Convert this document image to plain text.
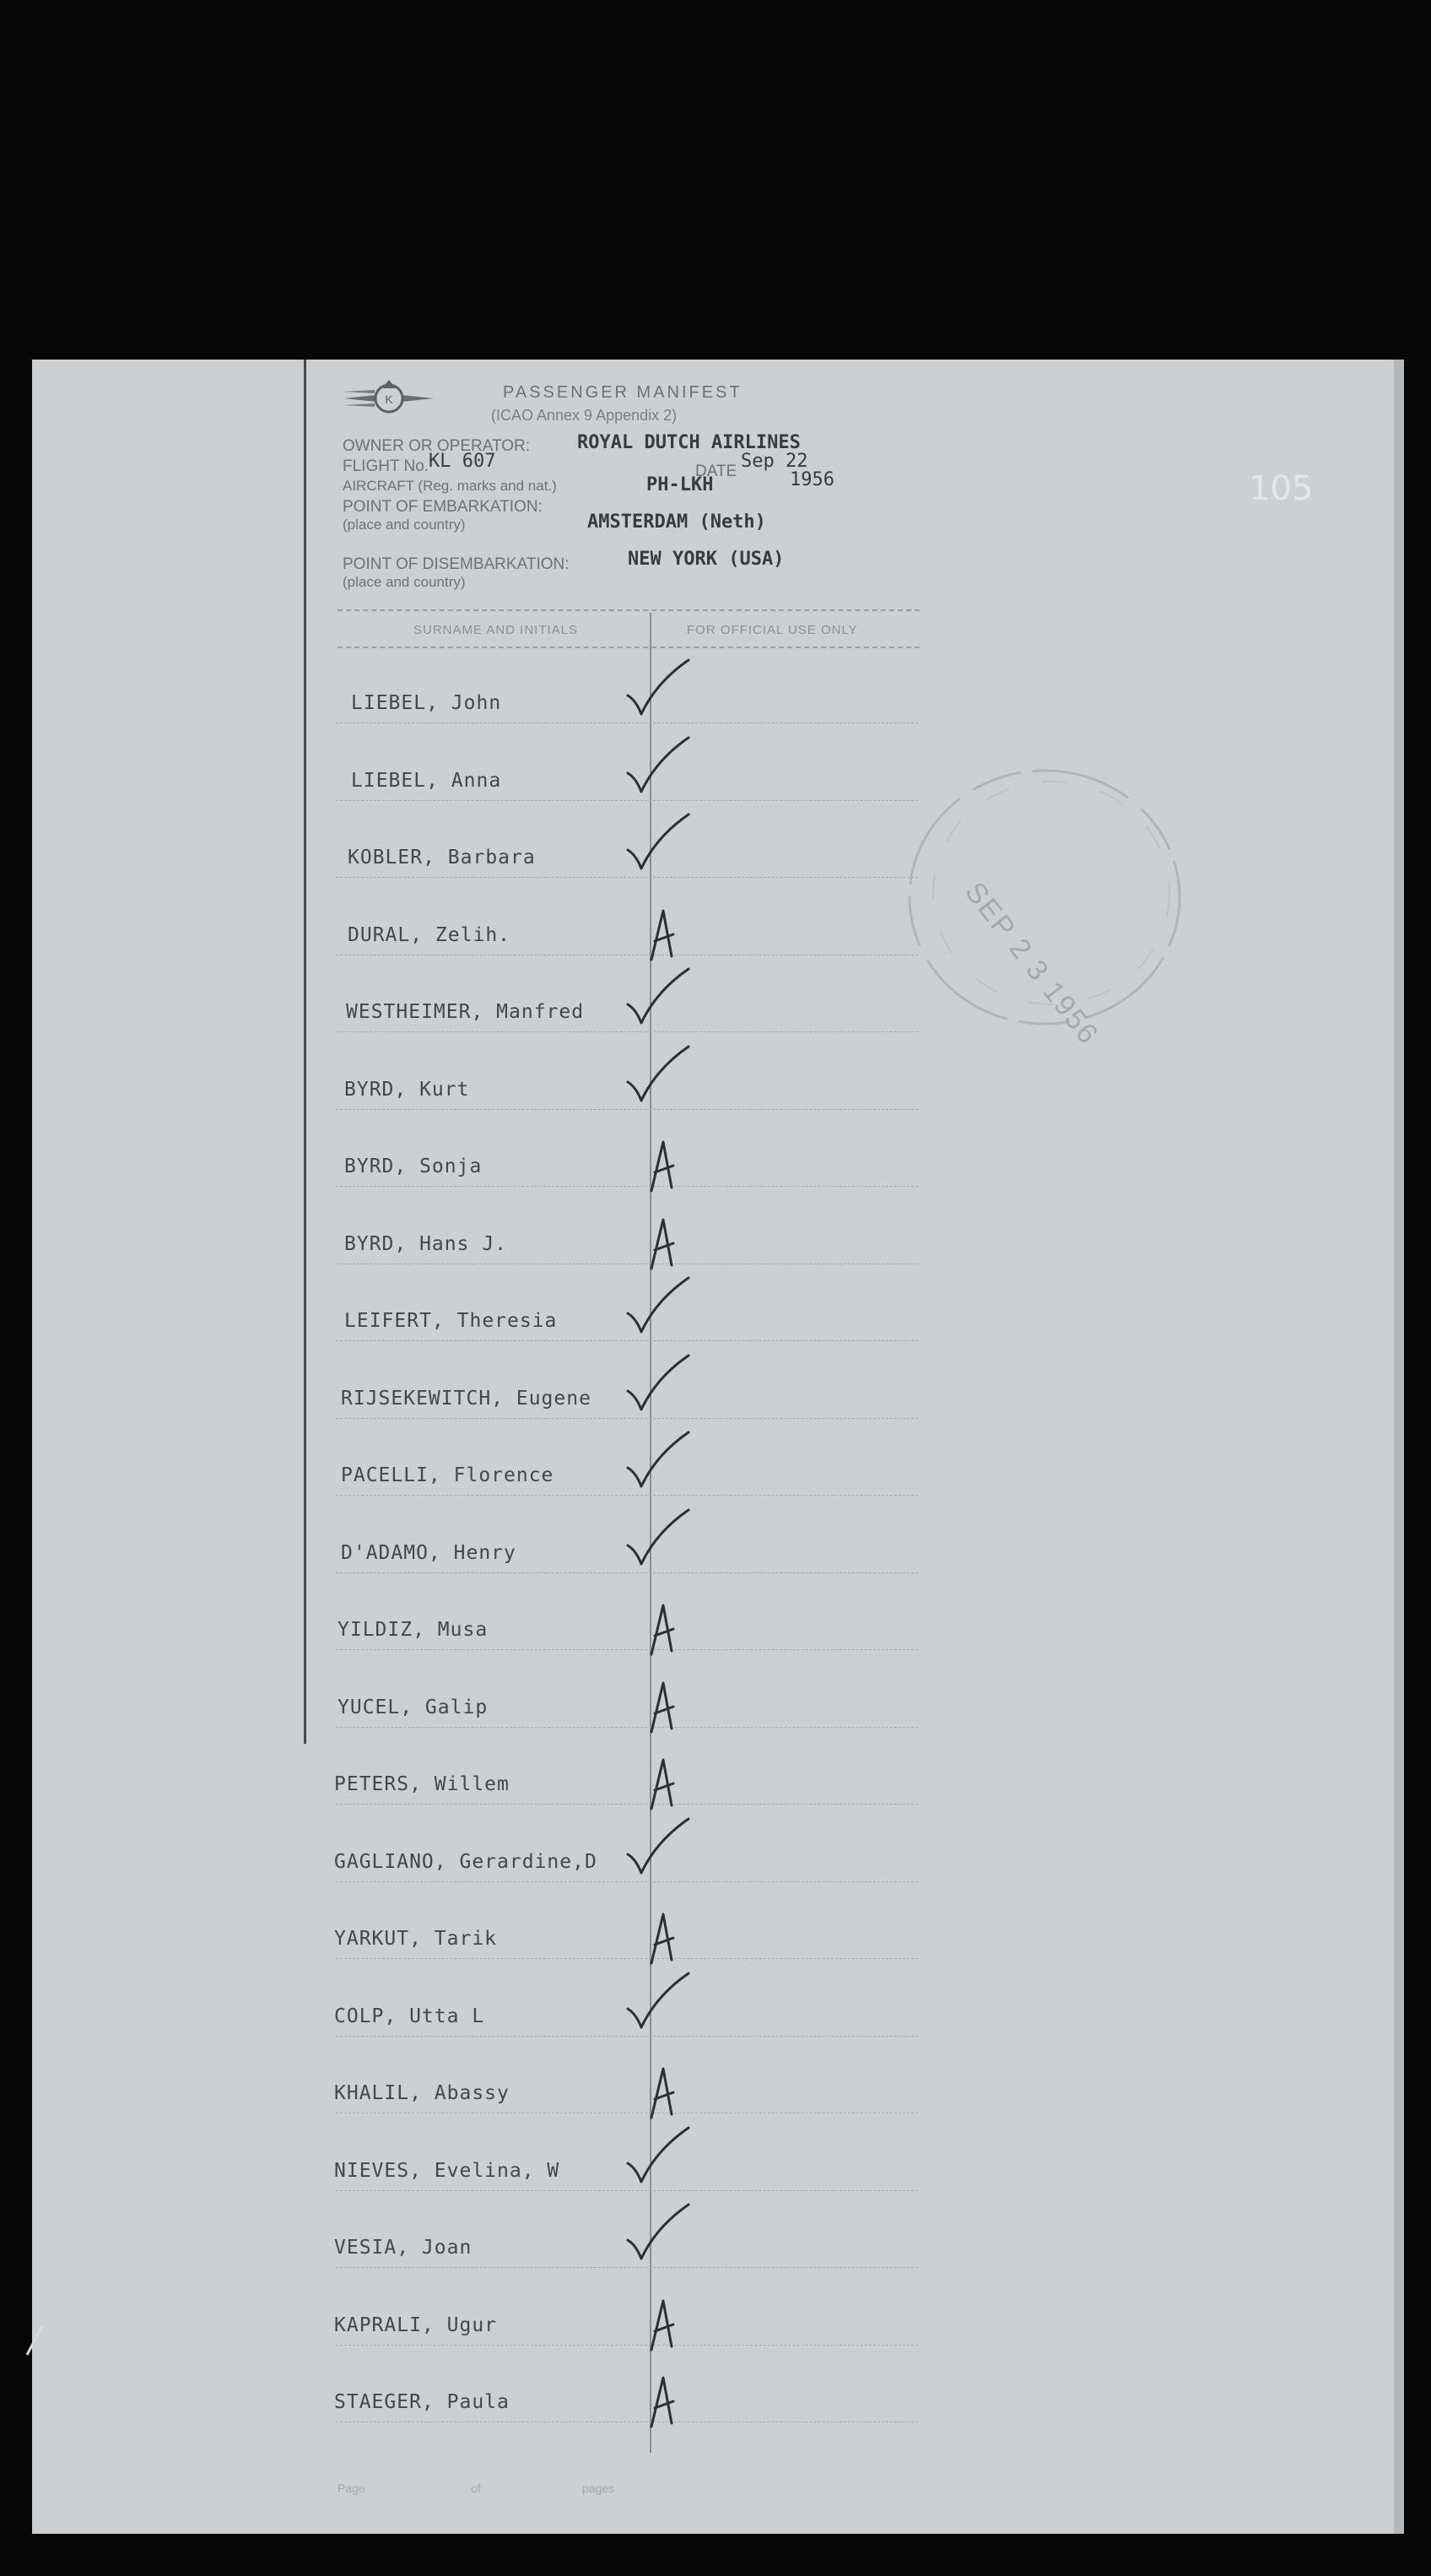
K	PASSENGER MANIFEST
(ICAO Annex 9 Appendix 2)
OWNER OR OPERATOR:	ROYAL DUTCH AIRLINES
FLIGHT No. KL 607	DATE Sep 22
1956
AIRCRAFT (Reg. marks and nat.)	PH-LKH
POINT OF EMBARKATION:
AMSTERDAM (Neth)
(place and country)
POINT OF DISEMBARKATION:	NEW YORK (USA)
(place and country)
SURNAME AND INITIALS	FOR OFFICIAL USE ONLY
LIEBEL, John
LIEBEL, Anna
KOBLER, Barbara
DURAL, Zelih.
WESTHEIMER, Manfred
BYRD, Kurt
BYRD, Sonja
BYRD, Hans J.
LEIFERT, Theresia
RIJSEKEWITCH, Eugene
PACELLI, Florence
D'ADAMO, Henry
YILDIZ, Musa
YUCEL, Galip
PETERS, Willem
GAGLIANO, Gerardine,D
YARKUT, Tarik
COLP, Utta L
KHALIL, Abassy
NIEVES, Evelina, W
VESIA, Joan
KAPRALI, Ugur
STAEGER, Paula
Page	of	pages
105
SEP 2 3 1956
